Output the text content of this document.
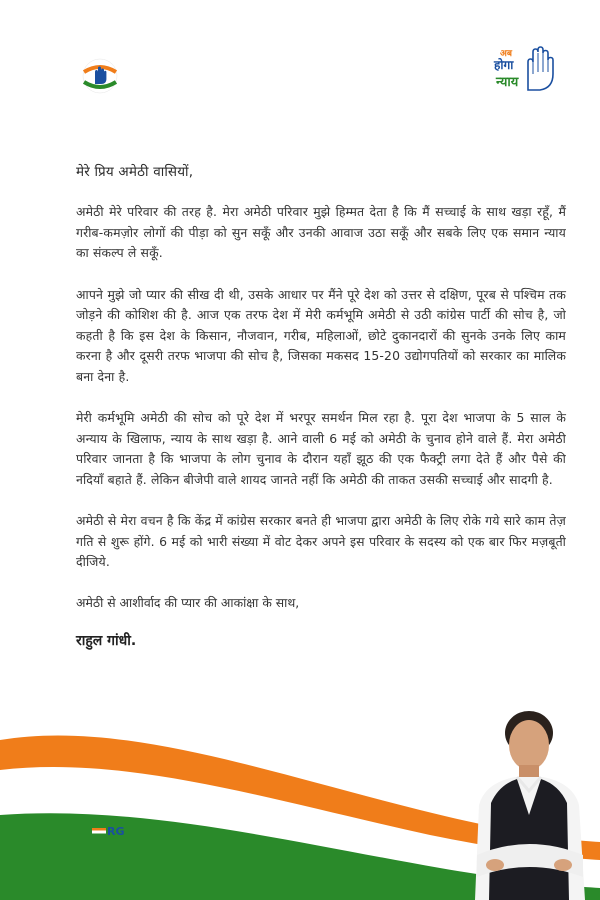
अब
होगा
न्याय

मेरे प्रिय अमेठी वासियों,

अमेठी मेरे परिवार की तरह है. मेरा अमेठी परिवार मुझे हिम्मत देता है कि मैं सच्चाई के साथ खड़ा रहूँ, मैं गरीब-कमज़ोर लोगों की पीड़ा को सुन सकूँ और उनकी आवाज उठा सकूँ और सबके लिए एक समान न्याय का संकल्प ले सकूँ.

आपने मुझे जो प्यार की सीख दी थी, उसके आधार पर मैंने पूरे देश को उत्तर से दक्षिण, पूरब से पश्चिम तक जोड़ने की कोशिश की है. आज एक तरफ देश में मेरी कर्मभूमि अमेठी से उठी कांग्रेस पार्टी की सोच है, जो कहती है कि इस देश के किसान, नौजवान, गरीब, महिलाओं, छोटे दुकानदारों की सुनके उनके लिए काम करना है और दूसरी तरफ भाजपा की सोच है, जिसका मकसद 15-20 उद्योगपतियों को सरकार का मालिक बना देना है.

मेरी कर्मभूमि अमेठी की सोच को पूरे देश में भरपूर समर्थन मिल रहा है. पूरा देश भाजपा के 5 साल के अन्याय के खिलाफ, न्याय के साथ खड़ा है. आने वाली 6 मई को अमेठी के चुनाव होने वाले हैं. मेरा अमेठी परिवार जानता है कि भाजपा के लोग चुनाव के दौरान यहाँ झूठ की एक फैक्ट्री लगा देते हैं और पैसे की नदियाँ बहाते हैं. लेकिन बीजेपी वाले शायद जानते नहीं कि अमेठी की ताकत उसकी सच्चाई और सादगी है.

अमेठी से मेरा वचन है कि केंद्र में कांग्रेस सरकार बनते ही भाजपा द्वारा अमेठी के लिए रोके गये सारे काम तेज़ गति से शुरू होंगे. 6 मई को भारी संख्या में वोट देकर अपने इस परिवार के सदस्य को एक बार फिर मज़बूती दीजिये.

अमेठी से आशीर्वाद की प्यार की आकांक्षा के साथ,

राहुल गांधी.
RG
